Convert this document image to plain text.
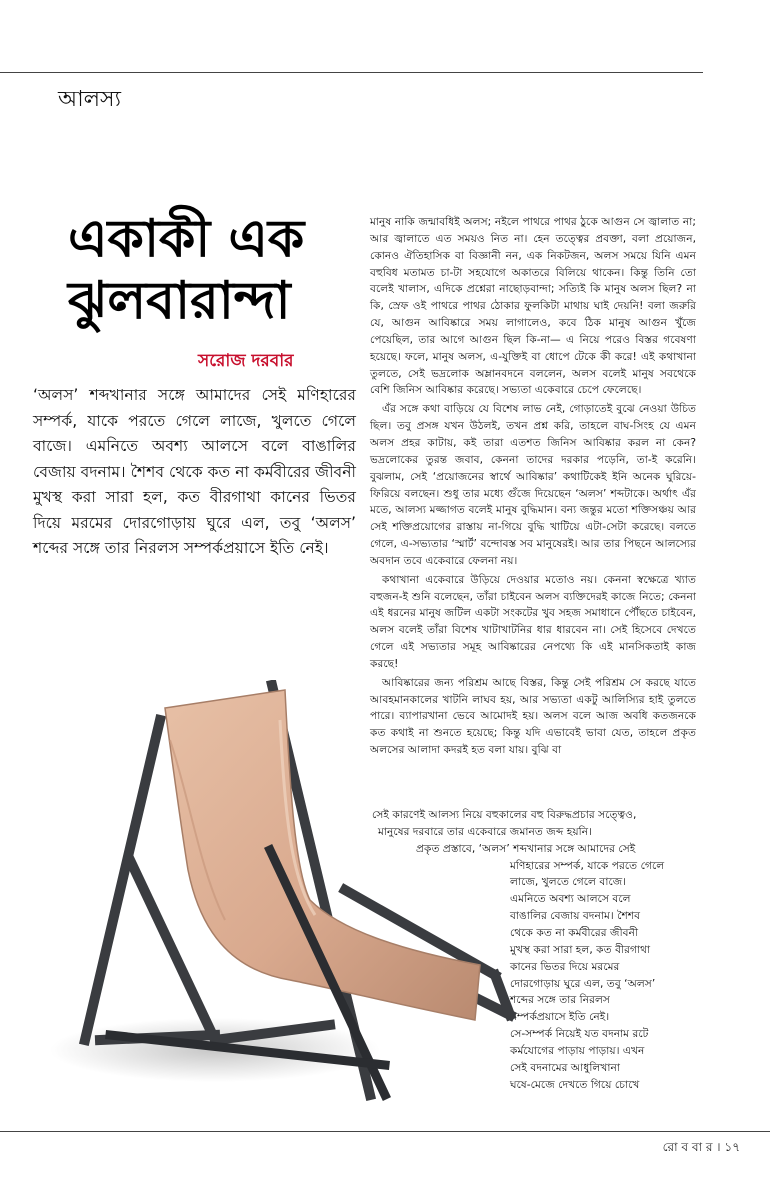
আলস্য
একাকী এক
ঝুলবারান্দা
সরোজ দরবার
‘অলস’ শব্দখানার সঙ্গে আমাদের সেই মণিহারের সম্পর্ক, যাকে পরতে গেলে লাজে, খুলতে গেলে বাজে। এমনিতে অবশ্য আলসে বলে বাঙালির বেজায় বদনাম। শৈশব থেকে কত না কর্মবীরের জীবনী মুখস্থ করা সারা হল, কত বীরগাথা কানের ভিতর দিয়ে মরমের দোরগোড়ায় ঘুরে এল, তবু ‘অলস’ শব্দের সঙ্গে তার নিরলস সম্পর্কপ্রয়াসে ইতি নেই।

মানুষ নাকি জন্মাবধিই অলস; নইলে পাথরে পাথর ঠুকে আগুন সে জ্বালাত না; আর জ্বালাতে এত সময়ও নিত না। হেন তত্ত্বের প্রবক্তা, বলা প্রয়োজন, কোনও ঐতিহাসিক বা বিজ্ঞানী নন, এক নিকটজন, অলস সময়ে যিনি এমন বহুবিধ মতামত চা-টা সহযোগে অকাতরে বিলিয়ে থাকেন। কিন্তু তিনি তো বলেই খালাস, এদিকে প্রশ্নেরা নাছোড়বান্দা; সত্যিই কি মানুষ অলস ছিল? না কি, স্রেফ ওই পাথরে পাথর ঠোকার ফুলকিটা মাথায় ঘাই দেয়নি! বলা জরুরি যে, আগুন আবিষ্কারে সময় লাগালেও, কবে ঠিক মানুষ আগুন খুঁজে পেয়েছিল, তার আগে আগুন ছিল কি-না— এ নিয়ে পরেও বিস্তর গবেষণা হয়েছে। ফলে, মানুষ অলস, এ-যুক্তিই বা ধোপে টেকে কী করে! এই কথাখানা তুলতে, সেই ভদ্রলোক অম্লানবদনে বললেন, অলস বলেই মানুষ সবথেকে বেশি জিনিস আবিষ্কার করেছে। সভ্যতা একেবারে চেপে ফেলেছে।

এঁর সঙ্গে কথা বাড়িয়ে যে বিশেষ লাভ নেই, গোড়াতেই বুঝে নেওয়া উচিত ছিল। তবু প্রসঙ্গ যখন উঠলই, তখন প্রশ্ন করি, তাহলে বাঘ-সিংহ যে এমন অলস প্রহর কাটায়, কই তারা এতশত জিনিস আবিষ্কার করল না কেন? ভদ্রলোকের তুরন্ত জবাব, কেননা তাদের দরকার পড়েনি, তা-ই করেনি। বুঝলাম, সেই ‘প্রয়োজনের স্বার্থে আবিষ্কার’ কথাটিকেই ইনি অনেক ঘুরিয়ে-ফিরিয়ে বলছেন। শুধু তার মধ্যে গুঁজে দিয়েছেন ‘অলস’ শব্দটাকে। অর্থাৎ এঁর মতে, আলস্য মজ্জাগত বলেই মানুষ বুদ্ধিমান। বন্য জন্তুর মতো শক্তিসঞ্চয় আর সেই শক্তিপ্রয়োগের রাস্তায় না-গিয়ে বুদ্ধি খাটিয়ে এটা-সেটা করেছে। বলতে গেলে, এ-সভ্যতার ‘স্মার্ট’ বন্দোবস্ত সব মানুষেরই। আর তার পিছনে আলস্যের অবদান তবে একেবারে ফেলনা নয়।

কথাখানা একেবারে উড়িয়ে দেওয়ার মতোও নয়। কেননা স্বক্ষেত্রে খ্যাত বহুজন-ই শুনি বলেছেন, তাঁরা চাইবেন অলস ব্যক্তিদেরই কাজে নিতে; কেননা এই ধরনের মানুষ জটিল একটা সংকটের খুব সহজ সমাধানে পৌঁছতে চাইবেন, অলস বলেই তাঁরা বিশেষ খাটাখাটনির ধার ধারবেন না। সেই হিসেবে দেখতে গেলে এই সভ্যতার সমূহ আবিষ্কারের নেপথ্যে কি এই মানসিকতাই কাজ করছে!

আবিষ্কারের জন্য পরিশ্রম আছে বিস্তর, কিন্তু সেই পরিশ্রম সে করছে যাতে আবহমানকালের খাটনি লাঘব হয়, আর সভ্যতা একটু আলিস্যির হাই তুলতে পারে। ব্যাপারখানা ভেবে আমোদই হয়। অলস বলে আজ অবধি কতজনকে কত কথাই না শুনতে হয়েছে; কিন্তু যদি এভাবেই ভাবা যেত, তাহলে প্রকৃত অলসের আলাদা কদরই হত বলা যায়। বুঝি বা

সেই কারণেই আলস্য নিয়ে বহুকালের বহু বিরুদ্ধপ্রচার সত্ত্বেও,
মানুষের দরবারে তার একেবারে জমানত জব্দ হয়নি।
প্রকৃত প্রস্তাবে, ‘অলস’ শব্দখানার সঙ্গে আমাদের সেই
মণিহারের সম্পর্ক, যাকে পরতে গেলে
লাজে, খুলতে গেলে বাজে।
এমনিতে অবশ্য আলসে বলে
বাঙালির বেজায় বদনাম। শৈশব
থেকে কত না কর্মবীরের জীবনী
মুখস্থ করা সারা হল, কত বীরগাথা
কানের ভিতর দিয়ে মরমের
দোরগোড়ায় ঘুরে এল, তবু ‘অলস’
শব্দের সঙ্গে তার নিরলস
সম্পর্কপ্রয়াসে ইতি নেই।
সে-সম্পর্ক নিয়েই যত বদনাম রটে
কর্মযোগের পাড়ায় পাড়ায়। এখন
সেই বদনামের আধুলিখানা
ঘষে-মেজে দেখতে গিয়ে চোখে
রো ব বা র । ১৭
